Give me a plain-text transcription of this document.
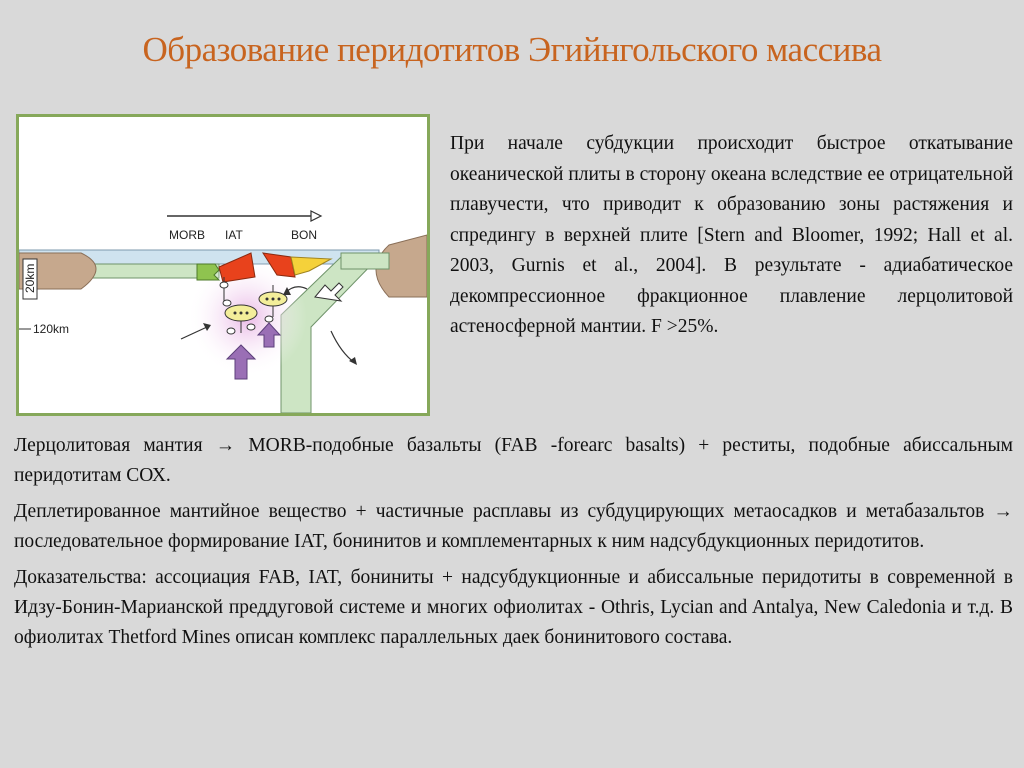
Образование перидотитов Эгийнгольского массива
MORB IAT	BON
20km
120km
При начале субдукции происходит быстрое откатывание океанической плиты в сторону океана вследствие ее отрицательной плавучести, что приводит к образованию зоны растяжения и спредингу в верхней плите [Stern and Bloomer, 1992; Hall et al. 2003, Gurnis et al., 2004]. В результате - адиабатическое декомпрессионное фракционное плавление лерцолитовой астеносферной мантии. F >25%.

Лерцолитовая мантия → MORB-подобные базальты (FAB -forearc basalts) + реститы, подобные абиссальным перидотитам СОХ.

Деплетированное мантийное вещество + частичные расплавы из субдуцирующих метаосадков и метабазальтов → последовательное формирование IAT, бонинитов и комплементарных к ним надсубдукционных перидотитов.

Доказательства: ассоциация FAB, IAT, бониниты + надсубдукционные и абиссальные перидотиты в современной в Идзу-Бонин-Марианской преддуговой системе и многих офиолитах - Othris, Lycian and Antalya, New Caledonia и т.д. В офиолитах Thetford Mines описан комплекс параллельных даек бонинитового состава.
